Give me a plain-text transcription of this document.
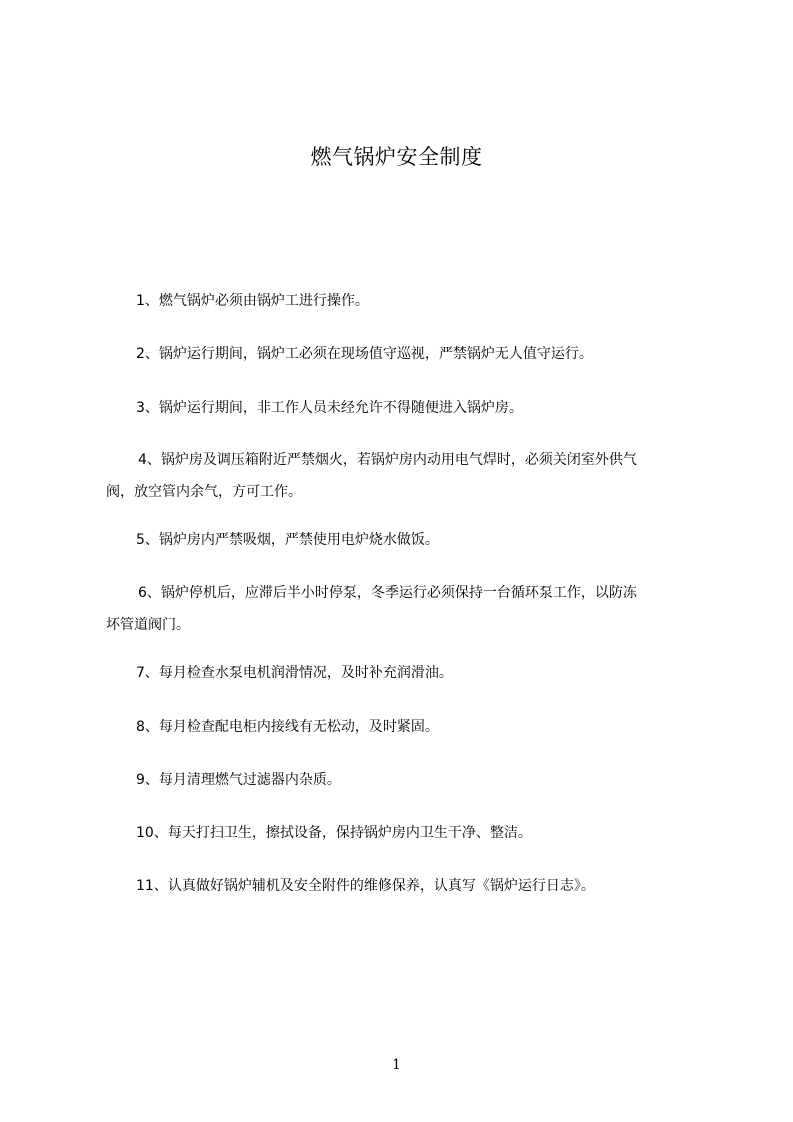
燃气锅炉安全制度
1、燃气锅炉必须由锅炉工进行操作。
2、锅炉运行期间，锅炉工必须在现场值守巡视，严禁锅炉无人值守运行。
3、锅炉运行期间，非工作人员未经允许不得随便进入锅炉房。
4、锅炉房及调压箱附近严禁烟火，若锅炉房内动用电气焊时，必须关闭室外供气
阀，放空管内余气，方可工作。
5、锅炉房内严禁吸烟，严禁使用电炉烧水做饭。
6、锅炉停机后，应滞后半小时停泵，冬季运行必须保持一台循环泵工作，以防冻
坏管道阀门。
7、每月检查水泵电机润滑情况，及时补充润滑油。
8、每月检查配电柜内接线有无松动，及时紧固。
9、每月清理燃气过滤器内杂质。
10、每天打扫卫生，擦拭设备，保持锅炉房内卫生干净、整洁。
11、认真做好锅炉辅机及安全附件的维修保养，认真写《锅炉运行日志》。
1
